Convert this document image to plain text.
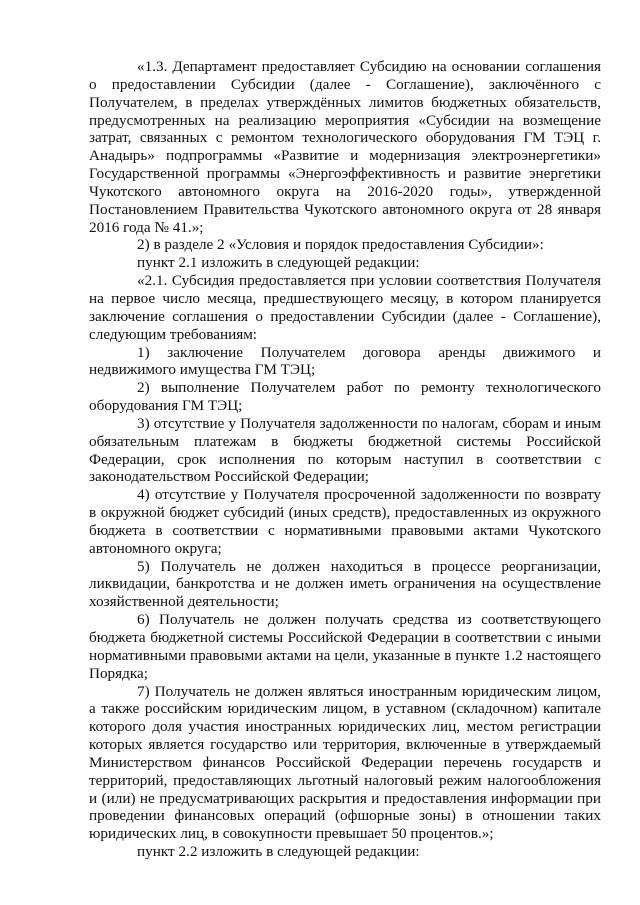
«1.3. Департамент предоставляет Субсидию на основании соглашения о предоставлении Субсидии (далее - Соглашение), заключённого с Получателем, в пределах утверждённых лимитов бюджетных обязательств, предусмотренных на реализацию мероприятия «Субсидии на возмещение затрат, связанных с ремонтом технологического оборудования ГМ ТЭЦ г. Анадырь» подпрограммы «Развитие и модернизация электроэнергетики» Государственной программы «Энергоэффективность и развитие энергетики Чукотского автономного округа на 2016-2020 годы», утвержденной Постановлением Правительства Чукотского автономного округа от 28 января 2016 года № 41.»;

2) в разделе 2 «Условия и порядок предоставления Субсидии»:

пункт 2.1 изложить в следующей редакции:

«2.1. Субсидия предоставляется при условии соответствия Получателя на первое число месяца, предшествующего месяцу, в котором планируется заключение соглашения о предоставлении Субсидии (далее - Соглашение), следующим требованиям:

1) заключение Получателем договора аренды движимого и недвижимого имущества ГМ ТЭЦ;

2) выполнение Получателем работ по ремонту технологического оборудования ГМ ТЭЦ;

3) отсутствие у Получателя задолженности по налогам, сборам и иным обязательным платежам в бюджеты бюджетной системы Российской Федерации, срок исполнения по которым наступил в соответствии с законодательством Российской Федерации;

4) отсутствие у Получателя просроченной задолженности по возврату в окружной бюджет субсидий (иных средств), предоставленных из окружного бюджета в соответствии с нормативными правовыми актами Чукотского автономного округа;

5) Получатель не должен находиться в процессе реорганизации, ликвидации, банкротства и не должен иметь ограничения на осуществление хозяйственной деятельности;

6) Получатель не должен получать средства из соответствующего бюджета бюджетной системы Российской Федерации в соответствии с иными нормативными правовыми актами на цели, указанные в пункте 1.2 настоящего Порядка;

7) Получатель не должен являться иностранным юридическим лицом, а также российским юридическим лицом, в уставном (складочном) капитале которого доля участия иностранных юридических лиц, местом регистрации которых является государство или территория, включенные в утверждаемый Министерством финансов Российской Федерации перечень государств и территорий, предоставляющих льготный налоговый режим налогообложения и (или) не предусматривающих раскрытия и предоставления информации при проведении финансовых операций (офшорные зоны) в отношении таких юридических лиц, в совокупности превышает 50 процентов.»;

пункт 2.2 изложить в следующей редакции:
